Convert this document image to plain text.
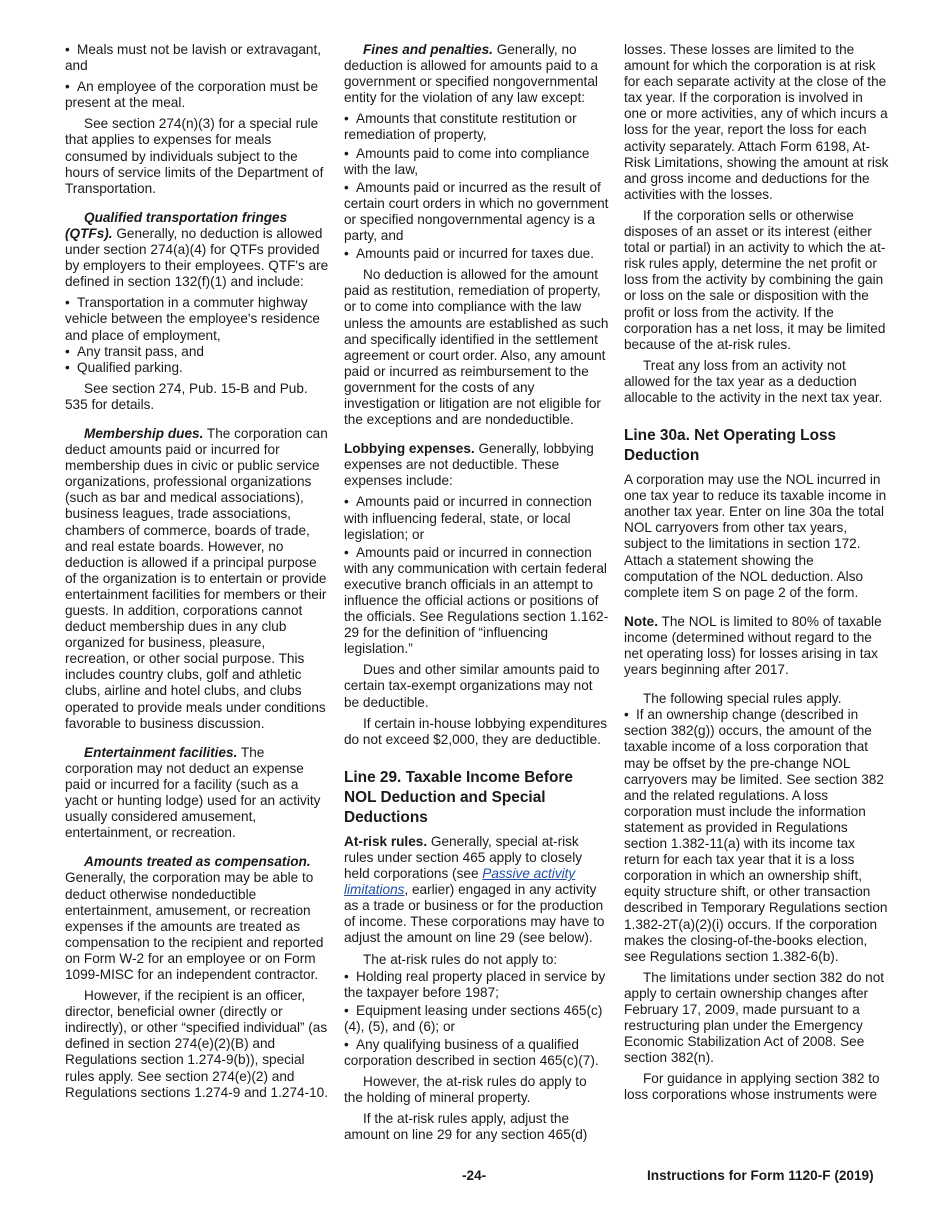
• Meals must not be lavish or extravagant, and

• An employee of the corporation must be present at the meal.

See section 274(n)(3) for a special rule that applies to expenses for meals consumed by individuals subject to the hours of service limits of the Department of Transportation.

Qualified transportation fringes (QTFs). Generally, no deduction is allowed under section 274(a)(4) for QTFs provided by employers to their employees. QTF's are defined in section 132(f)(1) and include:

• Transportation in a commuter highway vehicle between the employee's residence and place of employment,

• Any transit pass, and

• Qualified parking.

See section 274, Pub. 15-B and Pub. 535 for details.

Membership dues. The corporation can deduct amounts paid or incurred for membership dues in civic or public service organizations, professional organizations (such as bar and medical associations), business leagues, trade associations, chambers of commerce, boards of trade, and real estate boards. However, no deduction is allowed if a principal purpose of the organization is to entertain or provide entertainment facilities for members or their guests. In addition, corporations cannot deduct membership dues in any club organized for business, pleasure, recreation, or other social purpose. This includes country clubs, golf and athletic clubs, airline and hotel clubs, and clubs operated to provide meals under conditions favorable to business discussion.

Entertainment facilities. The corporation may not deduct an expense paid or incurred for a facility (such as a yacht or hunting lodge) used for an activity usually considered amusement, entertainment, or recreation.

Amounts treated as compensation. Generally, the corporation may be able to deduct otherwise nondeductible entertainment, amusement, or recreation expenses if the amounts are treated as compensation to the recipient and reported on Form W-2 for an employee or on Form 1099-MISC for an independent contractor.

However, if the recipient is an officer, director, beneficial owner (directly or indirectly), or other “specified individual” (as defined in section 274(e)(2)(B) and Regulations section 1.274-9(b)), special rules apply. See section 274(e)(2) and Regulations sections 1.274-9 and 1.274-10.

Fines and penalties. Generally, no deduction is allowed for amounts paid to a government or specified nongovernmental entity for the violation of any law except:

• Amounts that constitute restitution or remediation of property,

• Amounts paid to come into compliance with the law,

• Amounts paid or incurred as the result of certain court orders in which no government or specified nongovernmental agency is a party, and

• Amounts paid or incurred for taxes due.

No deduction is allowed for the amount paid as restitution, remediation of property, or to come into compliance with the law unless the amounts are established as such and specifically identified in the settlement agreement or court order. Also, any amount paid or incurred as reimbursement to the government for the costs of any investigation or litigation are not eligible for the exceptions and are nondeductible.

Lobbying expenses. Generally, lobbying expenses are not deductible. These expenses include:

• Amounts paid or incurred in connection with influencing federal, state, or local legislation; or

• Amounts paid or incurred in connection with any communication with certain federal executive branch officials in an attempt to influence the official actions or positions of the officials. See Regulations section 1.162-29 for the definition of “influencing legislation.”

Dues and other similar amounts paid to certain tax-exempt organizations may not be deductible.

If certain in-house lobbying expenditures do not exceed $2,000, they are deductible.

Line 29. Taxable Income Before NOL Deduction and Special Deductions

At-risk rules. Generally, special at-risk rules under section 465 apply to closely held corporations (see Passive activity limitations, earlier) engaged in any activity as a trade or business or for the production of income. These corporations may have to adjust the amount on line 29 (see below).

The at-risk rules do not apply to:

• Holding real property placed in service by the taxpayer before 1987;

• Equipment leasing under sections 465(c)(4), (5), and (6); or

• Any qualifying business of a qualified corporation described in section 465(c)(7).

However, the at-risk rules do apply to the holding of mineral property.

If the at-risk rules apply, adjust the amount on line 29 for any section 465(d)

losses. These losses are limited to the amount for which the corporation is at risk for each separate activity at the close of the tax year. If the corporation is involved in one or more activities, any of which incurs a loss for the year, report the loss for each activity separately. Attach Form 6198, At-Risk Limitations, showing the amount at risk and gross income and deductions for the activities with the losses.

If the corporation sells or otherwise disposes of an asset or its interest (either total or partial) in an activity to which the at-risk rules apply, determine the net profit or loss from the activity by combining the gain or loss on the sale or disposition with the profit or loss from the activity. If the corporation has a net loss, it may be limited because of the at-risk rules.

Treat any loss from an activity not allowed for the tax year as a deduction allocable to the activity in the next tax year.

Line 30a. Net Operating Loss Deduction

A corporation may use the NOL incurred in one tax year to reduce its taxable income in another tax year. Enter on line 30a the total NOL carryovers from other tax years, subject to the limitations in section 172. Attach a statement showing the computation of the NOL deduction. Also complete item S on page 2 of the form.

Note. The NOL is limited to 80% of taxable income (determined without regard to the net operating loss) for losses arising in tax years beginning after 2017.

The following special rules apply.

• If an ownership change (described in section 382(g)) occurs, the amount of the taxable income of a loss corporation that may be offset by the pre-change NOL carryovers may be limited. See section 382 and the related regulations. A loss corporation must include the information statement as provided in Regulations section 1.382-11(a) with its income tax return for each tax year that it is a loss corporation in which an ownership shift, equity structure shift, or other transaction described in Temporary Regulations section 1.382-2T(a)(2)(i) occurs. If the corporation makes the closing-of-the-books election, see Regulations section 1.382-6(b).

The limitations under section 382 do not apply to certain ownership changes after February 17, 2009, made pursuant to a restructuring plan under the Emergency Economic Stabilization Act of 2008. See section 382(n).

For guidance in applying section 382 to loss corporations whose instruments were

-24-	Instructions for Form 1120-F (2019)
